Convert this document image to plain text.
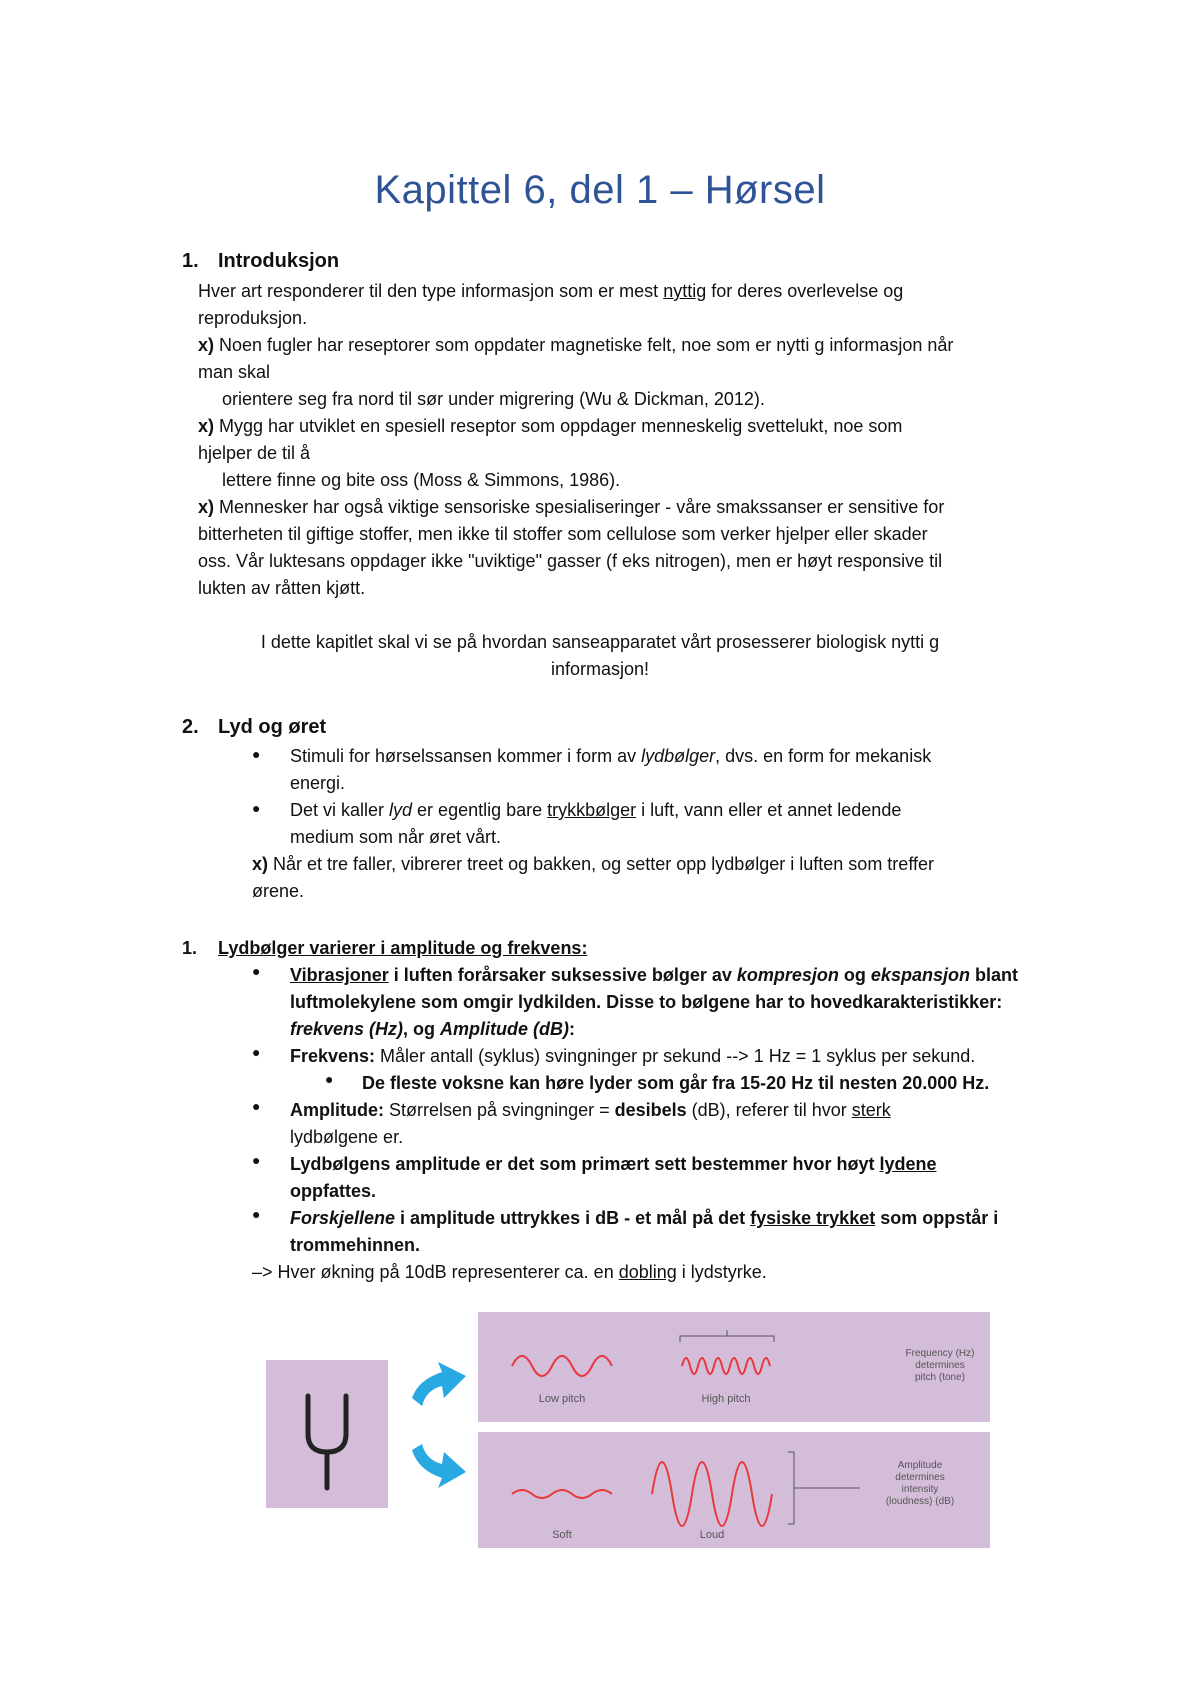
Kapittel 6, del 1 – Hørsel
1. Introduksjon
Hver art responderer til den type informasjon som er mest nyttig for deres overlevelse og
reproduksjon.
x) Noen fugler har reseptorer som oppdater magnetiske felt, noe som er nytti g informasjon når
man skal
orientere seg fra nord til sør under migrering (Wu & Dickman, 2012).
x) Mygg har utviklet en spesiell reseptor som oppdager menneskelig svettelukt, noe som
hjelper de til å
lettere finne og bite oss (Moss & Simmons, 1986).
x) Mennesker har også viktige sensoriske spesialiseringer - våre smakssanser er sensitive for
bitterheten til giftige stoffer, men ikke til stoffer som cellulose som verker hjelper eller skader
oss. Vår luktesans oppdager ikke "uviktige" gasser (f eks nitrogen), men er høyt responsive til
lukten av råtten kjøtt.
I dette kapitlet skal vi se på hvordan sanseapparatet vårt prosesserer biologisk nytti g
informasjon!
2. Lyd og øret
● Stimuli for hørselssansen kommer i form av lydbølger, dvs. en form for mekanisk
energi.
● Det vi kaller lyd er egentlig bare trykkbølger i luft, vann eller et annet ledende
medium som når øret vårt.
x) Når et tre faller, vibrerer treet og bakken, og setter opp lydbølger i luften som treffer
ørene.
1. Lydbølger varierer i amplitude og frekvens:
● Vibrasjoner i luften forårsaker suksessive bølger av kompresjon og ekspansjon blant
luftmolekylene som omgir lydkilden. Disse to bølgene har to hovedkarakteristikker:
frekvens (Hz), og Amplitude (dB):
● Frekvens: Måler antall (syklus) svingninger pr sekund --> 1 Hz = 1 syklus per sekund.
● De fleste voksne kan høre lyder som går fra 15-20 Hz til nesten 20.000 Hz.
● Amplitude: Størrelsen på svingninger = desibels (dB), referer til hvor sterk
lydbølgene er.
● Lydbølgens amplitude er det som primært sett bestemmer hvor høyt lydene
oppfattes.
● Forskjellene i amplitude uttrykkes i dB - et mål på det fysiske trykket som oppstår i
trommehinnen.
–> Hver økning på 10dB representerer ca. en dobling i lydstyrke.
Low pitch	High pitch
Frequency (Hz)
determines
pitch (tone)
Soft	Loud
Amplitude
determines
intensity
(loudness) (dB)
